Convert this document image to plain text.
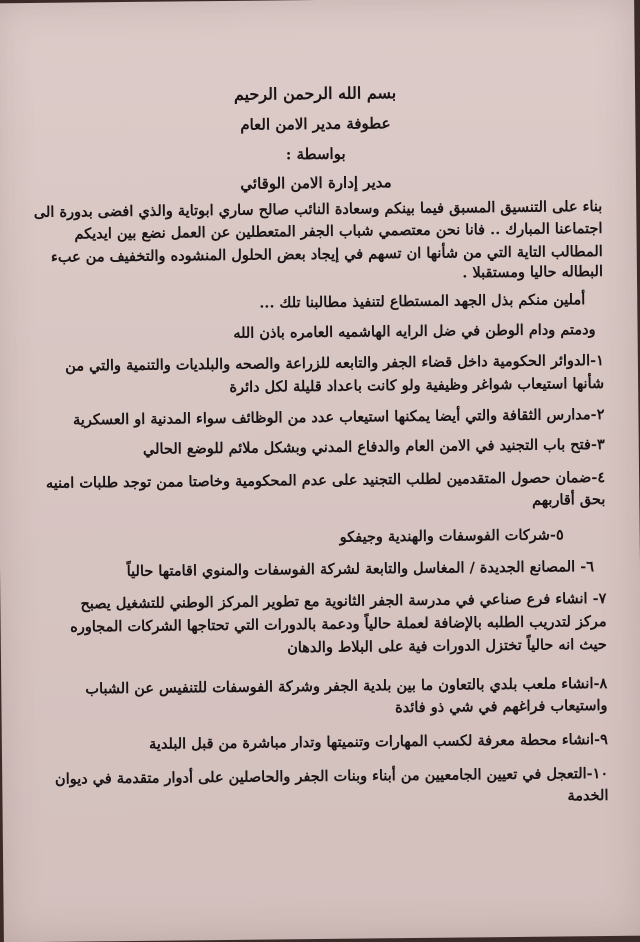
بسم الله الرحمن الرحيم
عطوفة مدير الامن العام
بواسطة :
مدير إدارة الامن الوقائي
بناء على التنسيق المسبق فيما بينكم وسعادة النائب صالح ساري ابوتاية والذي افضى بدورة الى
اجتماعنا المبارك .. فانا نحن معتصمي شباب الجفر المتعطلين عن العمل نضع بين ايديكم
المطالب التاية التي من شأنها ان تسهم في إيجاد بعض الحلول المنشوده والتخفيف من عبء
البطاله حاليا ومستقبلا .
أملين منكم بذل الجهد المستطاع لتنفيذ مطالبنا تلك ...
ودمتم ودام الوطن في ضل الرايه الهاشميه العامره باذن الله
١-الدوائر الحكومية داخل قضاء الجفر والتابعه للزراعة والصحه والبلديات والتنمية والتي من
شأنها استيعاب شواغر وظيفية ولو كانت باعداد قليلة لكل دائرة
٢-مدارس الثقافة والتي أيضا يمكنها استيعاب عدد من الوظائف سواء المدنية او العسكرية
٣-فتح باب التجنيد في الامن العام والدفاع المدني وبشكل ملائم للوضع الحالي
٤-ضمان حصول المتقدمين لطلب التجنيد على عدم المحكومية وخاصتا ممن توجد طلبات امنيه
بحق أقاربهم
٥-شركات الفوسفات والهندية وجيفكو
٦- المصانع الجديدة / المغاسل والتابعة لشركة الفوسفات والمنوي اقامتها حالياً
٧- انشاء فرع صناعي في مدرسة الجفر الثانوية مع تطوير المركز الوطني للتشغيل يصبح
مركز لتدريب الطلبه بالإضافة لعملة حالياً ودعمة بالدورات التي تحتاجها الشركات المجاوره
حيث انه حالياً تختزل الدورات فية على البلاط والدهان
٨-انشاء ملعب بلدي بالتعاون ما بين بلدية الجفر وشركة الفوسفات للتنفيس عن الشباب
واستيعاب فراغهم في شي ذو فائدة
٩-انشاء محطة معرفة لكسب المهارات وتنميتها وتدار مباشرة من قبل البلدية
١٠-التعجل في تعيين الجامعيين من أبناء وبنات الجفر والحاصلين على أدوار متقدمة في ديوان
الخدمة
